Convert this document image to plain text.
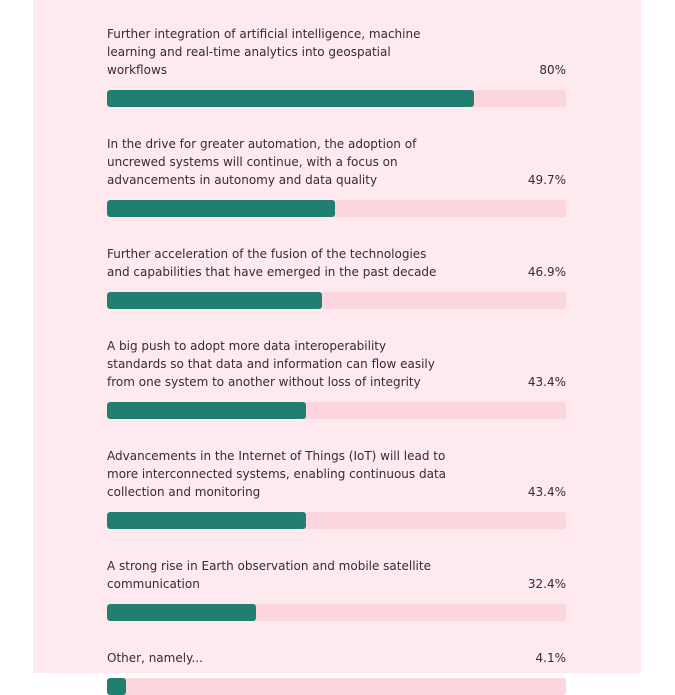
Further integration of artificial intelligence, machine learning and real-time analytics into geospatial workflows	80%
In the drive for greater automation, the adoption of uncrewed systems will continue, with a focus on advancements in autonomy and data quality	49.7%
Further acceleration of the fusion of the technologies and capabilities that have emerged in the past decade	46.9%
A big push to adopt more data interoperability standards so that data and information can flow easily from one system to another without loss of integrity	43.4%
Advancements in the Internet of Things (IoT) will lead to more interconnected systems, enabling continuous data collection and monitoring	43.4%
A strong rise in Earth observation and mobile satellite communication	32.4%
Other, namely...	4.1%
